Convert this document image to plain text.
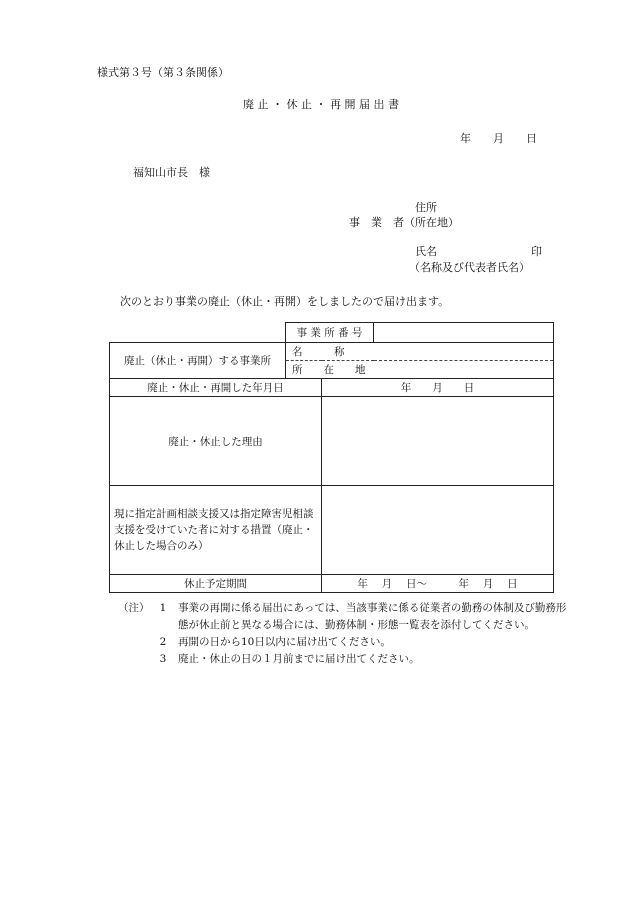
様式第３号（第３条関係）
廃 止 ・ 休 止 ・ 再 開 届 出 書
年　　月　　日
福知山市長　様
住所
事　業　者（所在地）
氏名	印
（名称及び代表者氏名）
次のとおり事業の廃止（休止・再開）をしましたので届け出ます。
	事 業 所 番 号		

廃止（休止・再開）する事業所	名　　　称		
	所　　在　　地		
廃止・休止・再開した年月日		年　　月　　日	
廃止・休止した理由			
現に指定計画相談支援又は指定障害児相談支援を受けていた者に対する措置（廃止・休止した場合のみ）			
休止予定期間		年　 月　 日～　　　年　 月　 日	
（注） 1	事業の再開に係る届出にあっては、当該事業に係る従業者の勤務の体制及び勤務形態が休止前と異なる場合には、勤務体制・形態一覧表を添付してください。
2	再開の日から10日以内に届け出てください。
3	廃止・休止の日の１月前までに届け出てください。
